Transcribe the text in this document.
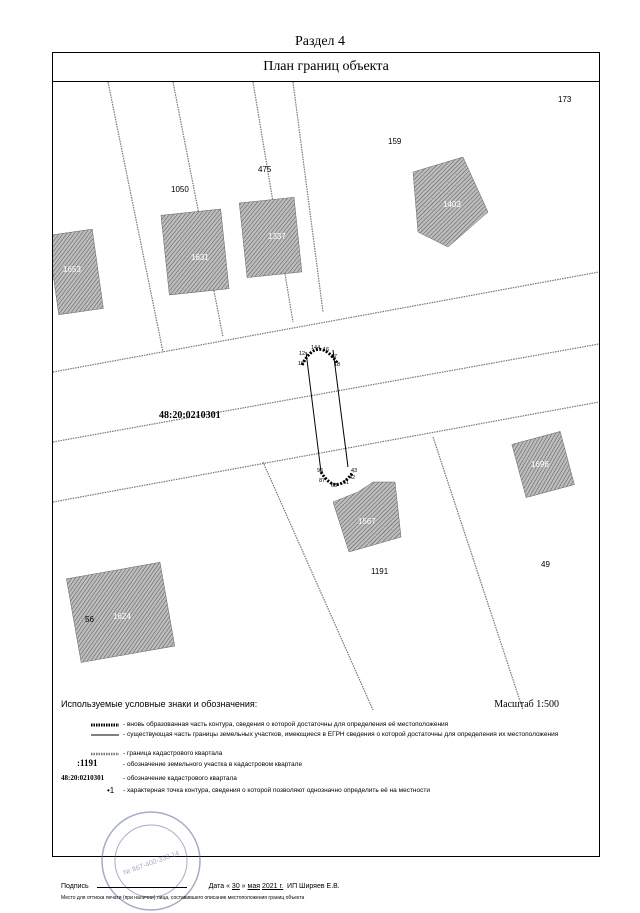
Раздел 4
План границ объекта
173
159
475
1050
49
1191
1403
1631
1653
1337
1567
1624
56
1696
48:20:0210301
18
12
144 16
17
18
96
87
63 61
43
42
Используемые условные знаки и обозначения:	Масштаб 1:500
- вновь образованная часть контура, сведения о которой достаточны для определения её местоположения
- существующая часть границы земельных участков, имеющиеся в ЕГРН сведения о которой достаточны для определения их местоположения
- граница кадастрового квартала
:1191	- обозначение земельного участка в кадастровом квартале
48:20:0210301	- обозначение кадастрового квартала
•1 - характерная точка контура, сведения о которой позволяют однозначно определить её на местности
№ 867-400-338 14
Подпись	Дата « 30 » мая 2021 г. ИП Ширяев Е.В.
Место для оттиска печати (при наличии) лица, составившего описание местоположения границ объекта
